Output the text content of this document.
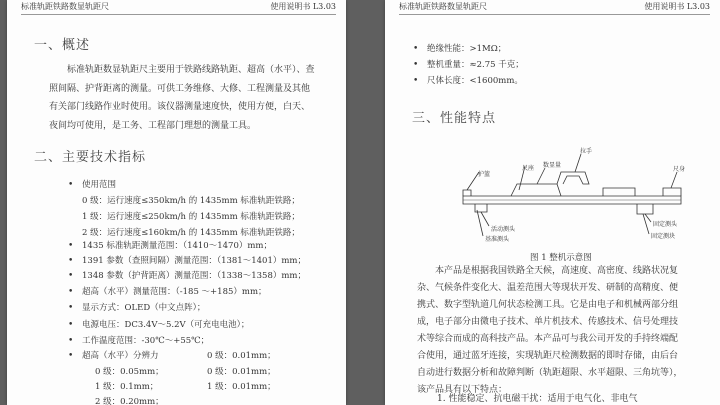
标准轨距铁路数显轨距尺	使用说明书 L3.03
一、概述
标准轨距数显轨距尺主要用于铁路线路轨距、超高（水平）、查
照间隔、护背距离的测量。可供工务维修、大修、工程测量及其他
有关部门线路作业时使用。该仪器测量速度快，使用方便，白天、
夜间均可使用，是工务、工程部门理想的测量工具。
二、主要技术指标
• 使用范围
0 级：运行速度≤350km/h 的 1435mm 标准轨距铁路；
1 级：运行速度≤250km/h 的 1435mm 标准轨距铁路；
2 级：运行速度≤160km/h 的 1435mm 标准轨距铁路；
• 1435 标准轨距测量范围：（1410～1470）mm；
• 1391 参数（查照间隔）测量范围：（1381～1401）mm；
• 1348 参数（护背距离）测量范围：（1338～1358）mm；
• 超高（水平）测量范围：（-185 ～+185）mm；
• 显示方式：OLED（中文点阵）；
• 电源电压：DC3.4V～5.2V（可充电电池）；
• 工作温度范围：-30℃～+55℃；
• 超高（水平）分辨力	0 级：0.01mm；
0 级：0.05mm；	0 级：0.01mm；
1 级：0.1mm；	1 级：0.01mm；
2 级：0.20mm；
标准轨距铁路数显轨距尺	使用说明书 L3.03
• 绝缘性能：>1MΩ；
• 整机重量：≈2.75 千克；
• 尺体长度：<1600mm。
三、性能特点
护篮
尺座 数显量
拉手
尺身
活动测头
基准测头
固定测头
固定测块
图 1 整机示意图
本产品是根据我国铁路全天候，高速度、高密度、线路状况复
杂、气候条件变化大、温差范围大等现状开发、研制的高精度、便
携式、数字型轨道几何状态检测工具。它是由电子和机械两部分组
成，电子部分由微电子技术、单片机技术、传感技术、信号处理技
术等综合而成的高科技产品。本产品可与我公司开发的手持终端配
合使用，通过蓝牙连接，实现轨距尺检测数据的即时存储，由后台
自动进行数据分析和故障判断（轨距超限、水平超限、三角坑等），
该产品具有以下特点：
1. 性能稳定、抗电磁干扰：适用于电气化、非电气
